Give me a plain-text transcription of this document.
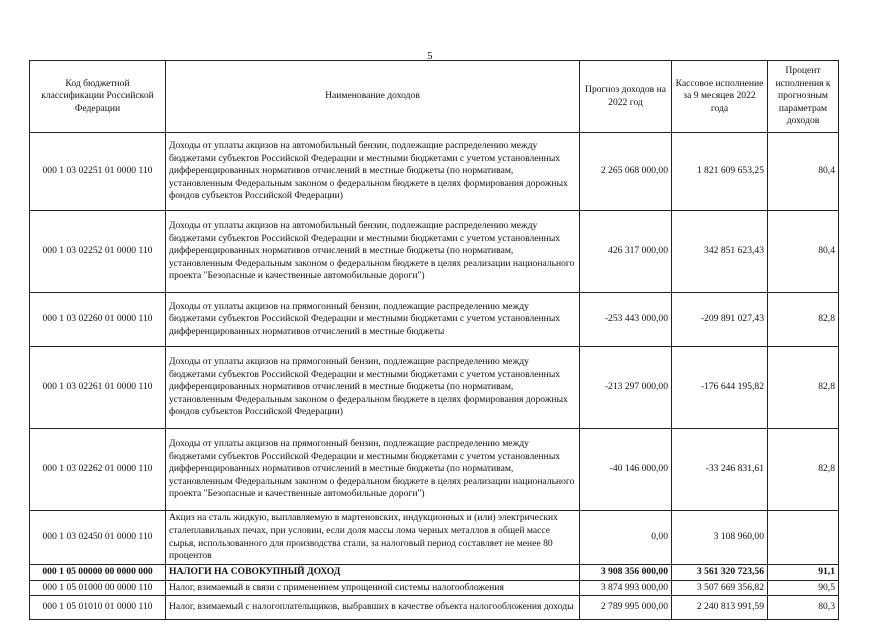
5
Код бюджетной классификации Российской Федерации	Наименование доходов	Прогноз доходов на 2022 год	Кассовое исполнение за 9 месяцев 2022 года	Процент исполнения к прогнозным параметрам доходов
000 1 03 02251 01 0000 110	Доходы от уплаты акцизов на автомобильный бензин, подлежащие распределению между бюджетами субъектов Российской Федерации и местными бюджетами с учетом установленных дифференцированных нормативов отчислений в местные бюджеты (по нормативам, установленным Федеральным законом о федеральном бюджете в целях формирования дорожных фондов субъектов Российской Федерации)	2 265 068 000,00	1 821 609 653,25	80,4
000 1 03 02252 01 0000 110	Доходы от уплаты акцизов на автомобильный бензин, подлежащие распределению между бюджетами субъектов Российской Федерации и местными бюджетами с учетом установленных дифференцированных нормативов отчислений в местные бюджеты (по нормативам, установленным Федеральным законом о федеральном бюджете в целях реализации национального проекта "Безопасные и качественные автомобильные дороги")	426 317 000,00	342 851 623,43	80,4
000 1 03 02260 01 0000 110	Доходы от уплаты акцизов на прямогонный бензин, подлежащие распределению между бюджетами субъектов Российской Федерации и местными бюджетами с учетом установленных дифференцированных нормативов отчислений в местные бюджеты	-253 443 000,00	-209 891 027,43	82,8
000 1 03 02261 01 0000 110	Доходы от уплаты акцизов на прямогонный бензин, подлежащие распределению между бюджетами субъектов Российской Федерации и местными бюджетами с учетом установленных дифференцированных нормативов отчислений в местные бюджеты (по нормативам, установленным Федеральным законом о федеральном бюджете в целях формирования дорожных фондов субъектов Российской Федерации)	-213 297 000,00	-176 644 195,82	82,8
000 1 03 02262 01 0000 110	Доходы от уплаты акцизов на прямогонный бензин, подлежащие распределению между бюджетами субъектов Российской Федерации и местными бюджетами с учетом установленных дифференцированных нормативов отчислений в местные бюджеты (по нормативам, установленным Федеральным законом о федеральном бюджете в целях реализации национального проекта "Безопасные и качественные автомобильные дороги")	-40 146 000,00	-33 246 831,61	82,8
000 1 03 02450 01 0000 110	Акциз на сталь жидкую, выплавляемую в мартеновских, индукционных и (или) электрических сталеплавильных печах, при условии, если доля массы лома черных металлов в общей массе сырья, использованного для производства стали, за налоговый период составляет не менее 80 процентов	0,00	3 108 960,00	
000 1 05 00000 00 0000 000	НАЛОГИ НА СОВОКУПНЫЙ ДОХОД	3 908 356 000,00	3 561 320 723,56	91,1
000 1 05 01000 00 0000 110	Налог, взимаемый в связи с применением упрощенной системы налогообложения	3 874 993 000,00	3 507 669 356,82	90,5
000 1 05 01010 01 0000 110	Налог, взимаемый с налогоплательщиков, выбравших в качестве объекта налогообложения доходы	2 789 995 000,00	2 240 813 991,59	80,3
